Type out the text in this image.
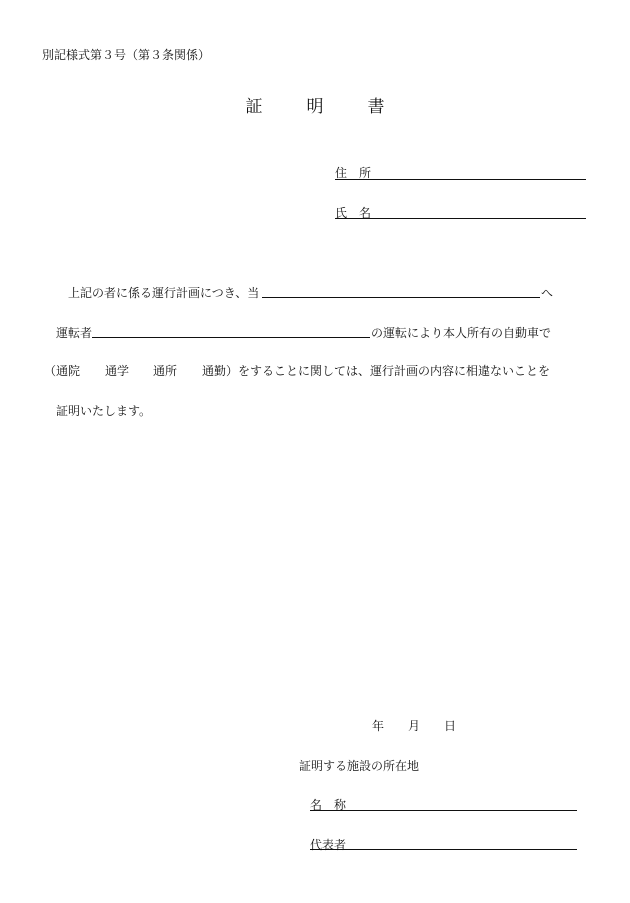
別記様式第３号（第３条関係）
証	明	書
住 所
氏 名
上記の者に係る運行計画につき、当	へ
運転者	の運転により本人所有の自動車で
（通院 通学 通所 通勤 ）をすることに関しては、運行計画の内容に相違ないことを
証明いたします。
年 月 日
証明する施設の所在地
名 称
代表者
